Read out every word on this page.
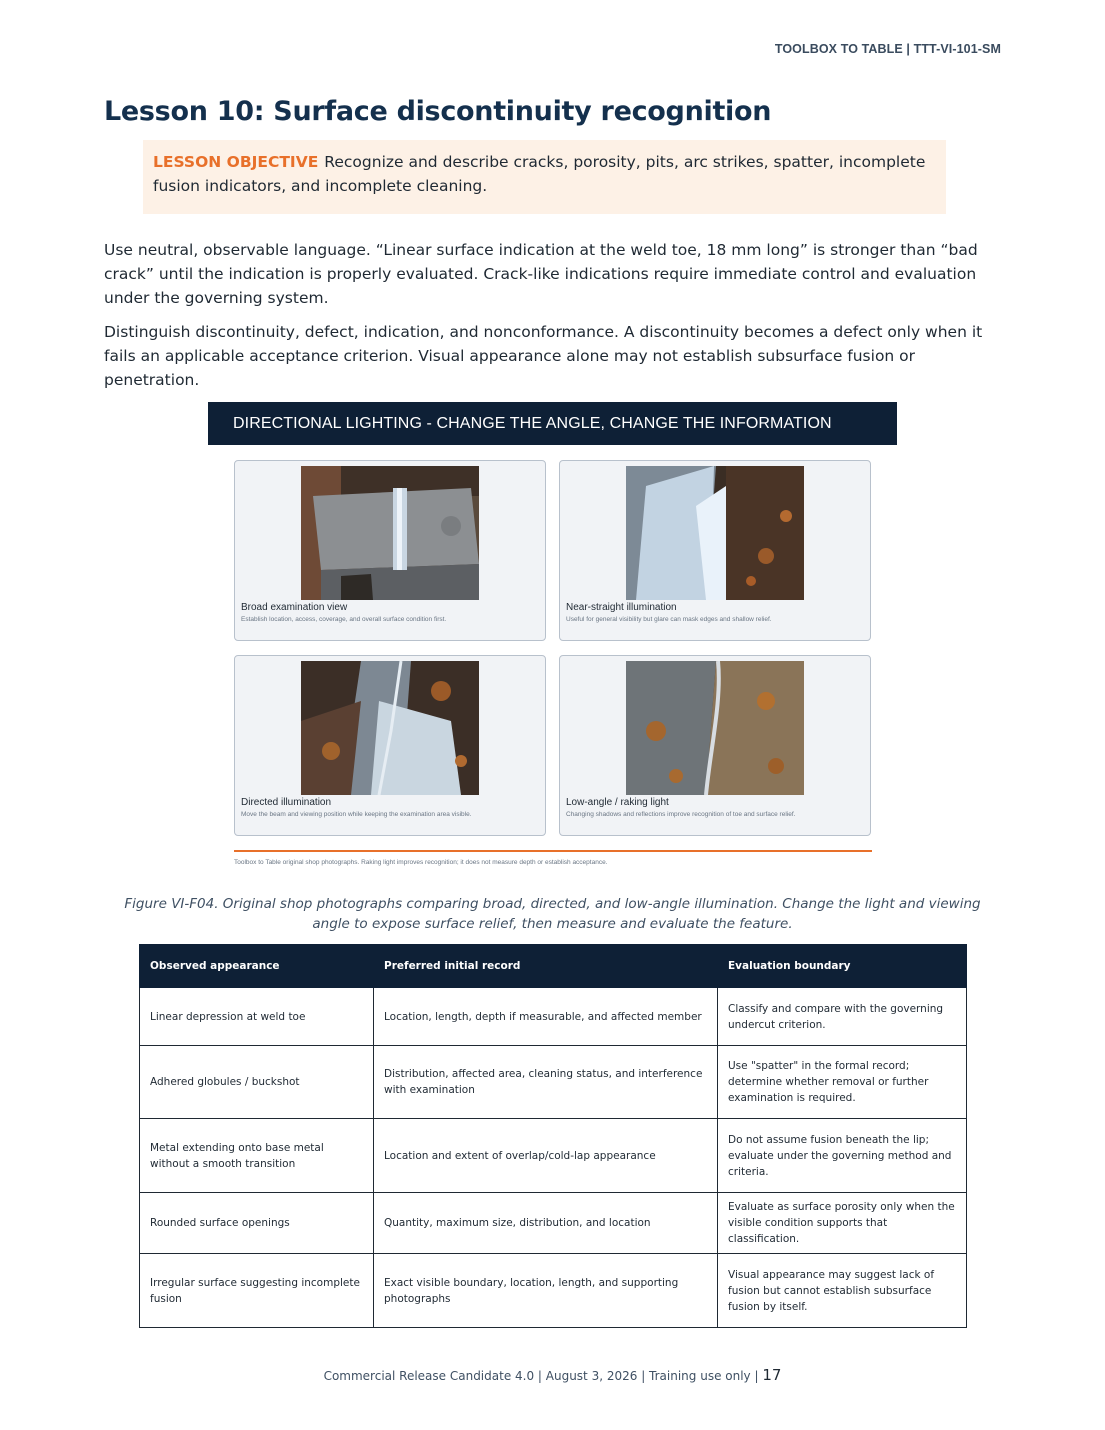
TOOLBOX TO TABLE | TTT-VI-101-SM
Lesson 10: Surface discontinuity recognition
LESSON OBJECTIVE Recognize and describe cracks, porosity, pits, arc strikes, spatter, incomplete fusion indicators, and incomplete cleaning.

Use neutral, observable language. “Linear surface indication at the weld toe, 18 mm long” is stronger than “bad crack” until the indication is properly evaluated. Crack-like indications require immediate control and evaluation under the governing system.

Distinguish discontinuity, defect, indication, and nonconformance. A discontinuity becomes a defect only when it fails an applicable acceptance criterion. Visual appearance alone may not establish subsurface fusion or penetration.

DIRECTIONAL LIGHTING - CHANGE THE ANGLE, CHANGE THE INFORMATION
Broad examination view
Establish location, access, coverage, and overall surface condition first.
Near-straight illumination
Useful for general visibility but glare can mask edges and shallow relief.
Directed illumination
Move the beam and viewing position while keeping the examination area visible.
Low-angle / raking light
Changing shadows and reflections improve recognition of toe and surface relief.
Toolbox to Table original shop photographs. Raking light improves recognition; it does not measure depth or establish acceptance.

Figure VI-F04. Original shop photographs comparing broad, directed, and low-angle illumination. Change the light and viewing angle to expose surface relief, then measure and evaluate the feature.

Observed appearance	Preferred initial record	Evaluation boundary
Linear depression at weld toe	Location, length, depth if measurable, and affected member	Classify and compare with the governing undercut criterion.
Adhered globules / buckshot	Distribution, affected area, cleaning status, and interference with examination	Use "spatter" in the formal record; determine whether removal or further examination is required.
Metal extending onto base metal without a smooth transition	Location and extent of overlap/cold-lap appearance	Do not assume fusion beneath the lip; evaluate under the governing method and criteria.
Rounded surface openings	Quantity, maximum size, distribution, and location	Evaluate as surface porosity only when the visible condition supports that classification.
Irregular surface suggesting incomplete fusion	Exact visible boundary, location, length, and supporting photographs	Visual appearance may suggest lack of fusion but cannot establish subsurface fusion by itself.
Commercial Release Candidate 4.0 | August 3, 2026 | Training use only | 17
